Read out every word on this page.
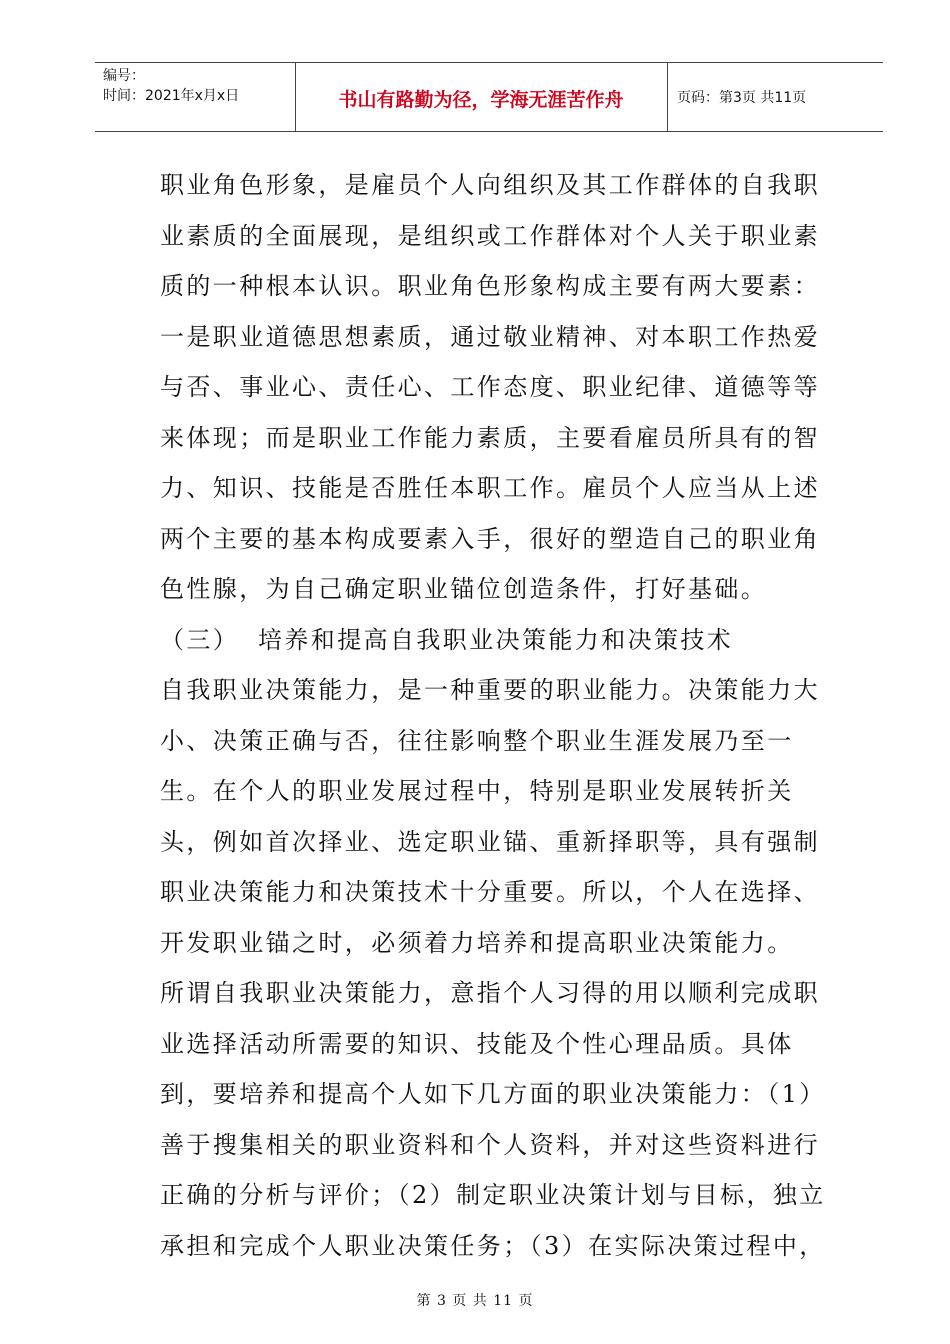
编号：
时间：2021年x月x日	书山有路勤为径，学海无涯苦作舟	页码：第3页 共11页

职业角色形象，是雇员个人向组织及其工作群体的自我职业素质的全面展现，是组织或工作群体对个人关于职业素质的一种根本认识。职业角色形象构成主要有两大要素：一是职业道德思想素质，通过敬业精神、对本职工作热爱与否、事业心、责任心、工作态度、职业纪律、道德等等来体现；而是职业工作能力素质，主要看雇员所具有的智力、知识、技能是否胜任本职工作。雇员个人应当从上述两个主要的基本构成要素入手，很好的塑造自己的职业角色性腺，为自己确定职业锚位创造条件，打好基础。

（三） 培养和提高自我职业决策能力和决策技术

自我职业决策能力，是一种重要的职业能力。决策能力大小、决策正确与否，往往影响整个职业生涯发展乃至一生。在个人的职业发展过程中，特别是职业发展转折关头，例如首次择业、选定职业锚、重新择职等，具有强制职业决策能力和决策技术十分重要。所以，个人在选择、开发职业锚之时，必须着力培养和提高职业决策能力。

所谓自我职业决策能力，意指个人习得的用以顺利完成职业选择活动所需要的知识、技能及个性心理品质。具体到，要培养和提高个人如下几方面的职业决策能力：（1）善于搜集相关的职业资料和个人资料，并对这些资料进行正确的分析与评价；（2）制定职业决策计划与目标，独立承担和完成个人职业决策任务；（3）在实际决策过程中，

第 3 页 共 11 页
